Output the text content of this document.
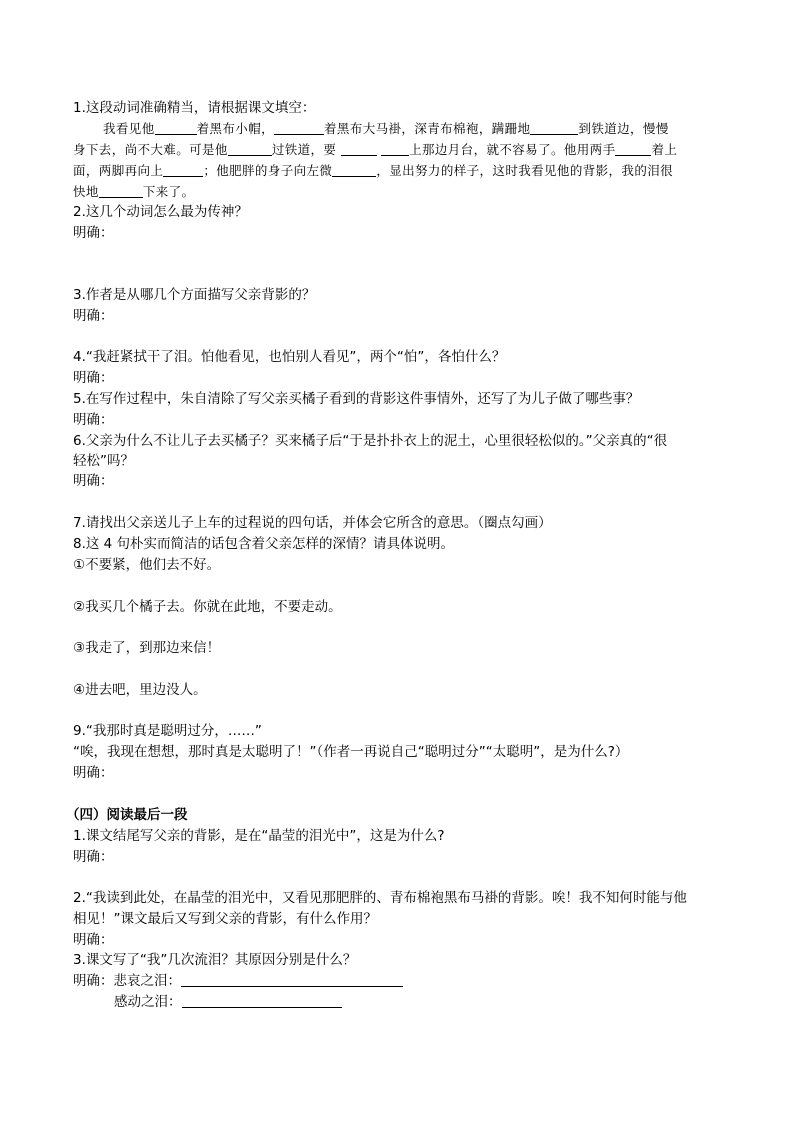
1.这段动词准确精当，请根据课文填空：
我看见他	着黑布小帽，	着黑布大马褂，深青布棉袍，蹒跚地	到铁道边，慢慢
身下去，尚不大难。可是他	过铁道，要	上那边月台，就不容易了。他用两手	着上
面，两脚再向上	；他肥胖的身子向左微	，显出努力的样子，这时我看见他的背影，我的泪很
快地	下来了。
2.这几个动词怎么最为传神？
明确：
3.作者是从哪几个方面描写父亲背影的？
明确：
4.“我赶紧拭干了泪。怕他看见，也怕别人看见”，两个“怕”，各怕什么？
明确：
5.在写作过程中，朱自清除了写父亲买橘子看到的背影这件事情外，还写了为儿子做了哪些事？
明确：
6.父亲为什么不让儿子去买橘子？买来橘子后“于是扑扑衣上的泥土，心里很轻松似的。”父亲真的“很
轻松”吗？
明确：
7.请找出父亲送儿子上车的过程说的四句话，并体会它所含的意思。（圈点勾画）
8.这 4 句朴实而简洁的话包含着父亲怎样的深情？请具体说明。
①不要紧，他们去不好。
②我买几个橘子去。你就在此地，不要走动。
③我走了，到那边来信！
④进去吧，里边没人。
9.“我那时真是聪明过分，……”
“唉，我现在想想，那时真是太聪明了！”（作者一再说自己“聪明过分”“太聪明”，是为什么?）
明确：
（四）阅读最后一段
1.课文结尾写父亲的背影，是在“晶莹的泪光中”，这是为什么?
明确：
2.“我读到此处，在晶莹的泪光中，又看见那肥胖的、青布棉袍黑布马褂的背影。唉！我不知何时能与他
相见！”课文最后又写到父亲的背影，有什么作用？
明确：
3.课文写了“我”几次流泪？其原因分别是什么？
明确：悲哀之泪：
感动之泪：
